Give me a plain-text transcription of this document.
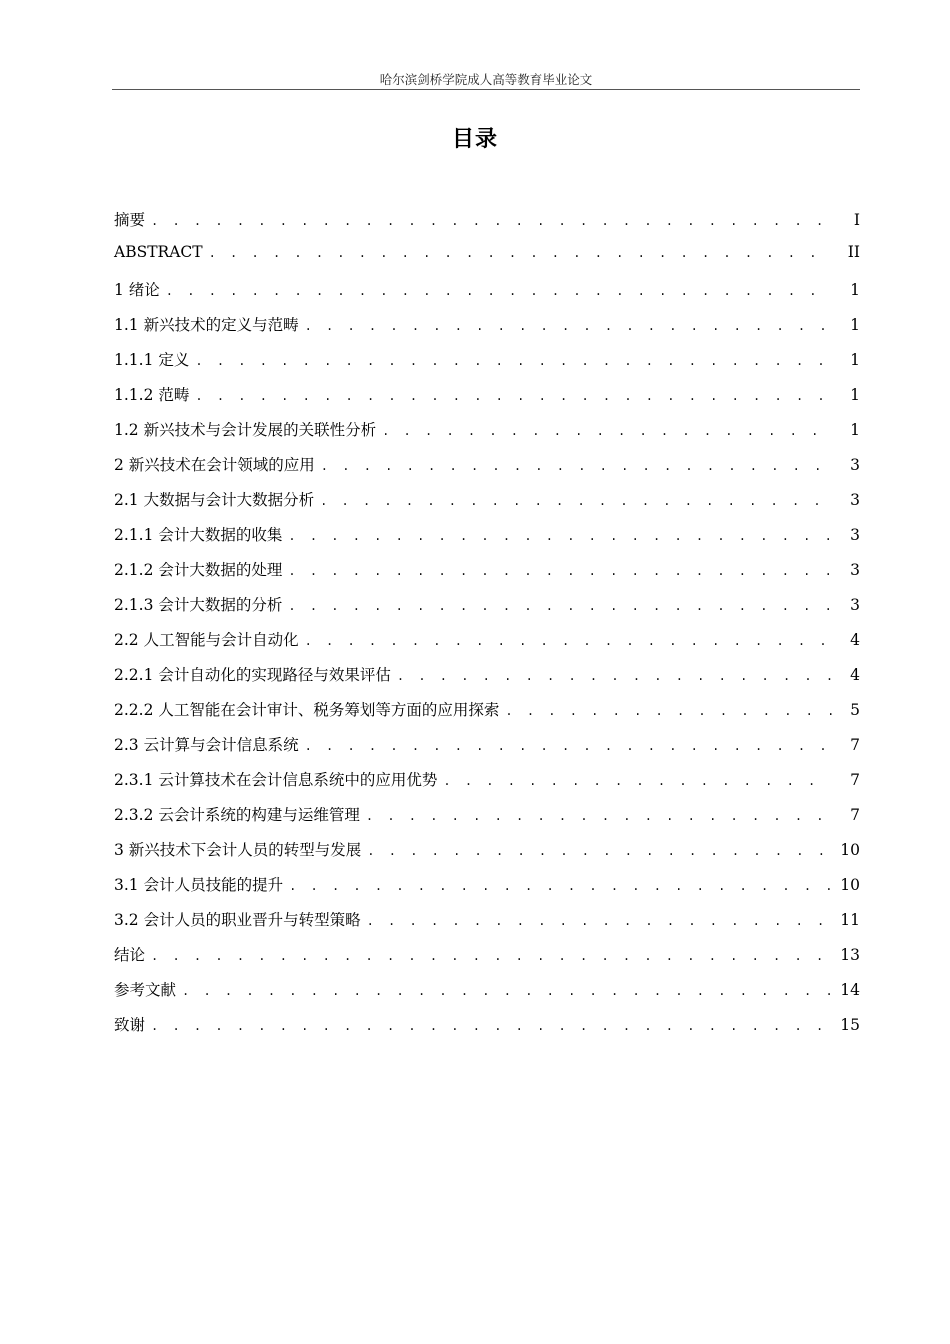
哈尔滨剑桥学院成人高等教育毕业论文
目录
摘要 . . .	I
ABSTRACT . . .	II
1 绪论 . . .	1
1.1 新兴技术的定义与范畴 . . .	1
1.1.1 定义 . . .	1
1.1.2 范畴 . . .	1
1.2 新兴技术与会计发展的关联性分析 . . .	1
2 新兴技术在会计领域的应用 . . .	3
2.1 大数据与会计大数据分析 . . .	3
2.1.1 会计大数据的收集 . . .	3
2.1.2 会计大数据的处理 . . .	3
2.1.3 会计大数据的分析 . . .	3
2.2 人工智能与会计自动化 . . .	4
2.2.1 会计自动化的实现路径与效果评估 . . .	4
2.2.2 人工智能在会计审计、税务筹划等方面的应用探索 . . .	5
2.3 云计算与会计信息系统 . . .	7
2.3.1 云计算技术在会计信息系统中的应用优势 . . .	7
2.3.2 云会计系统的构建与运维管理 . . .	7
3 新兴技术下会计人员的转型与发展 . . .	10
3.1 会计人员技能的提升 . . .	10
3.2 会计人员的职业晋升与转型策略 . . .	11
结论 . . .	13
参考文献 . . .	14
致谢 . . .	15
